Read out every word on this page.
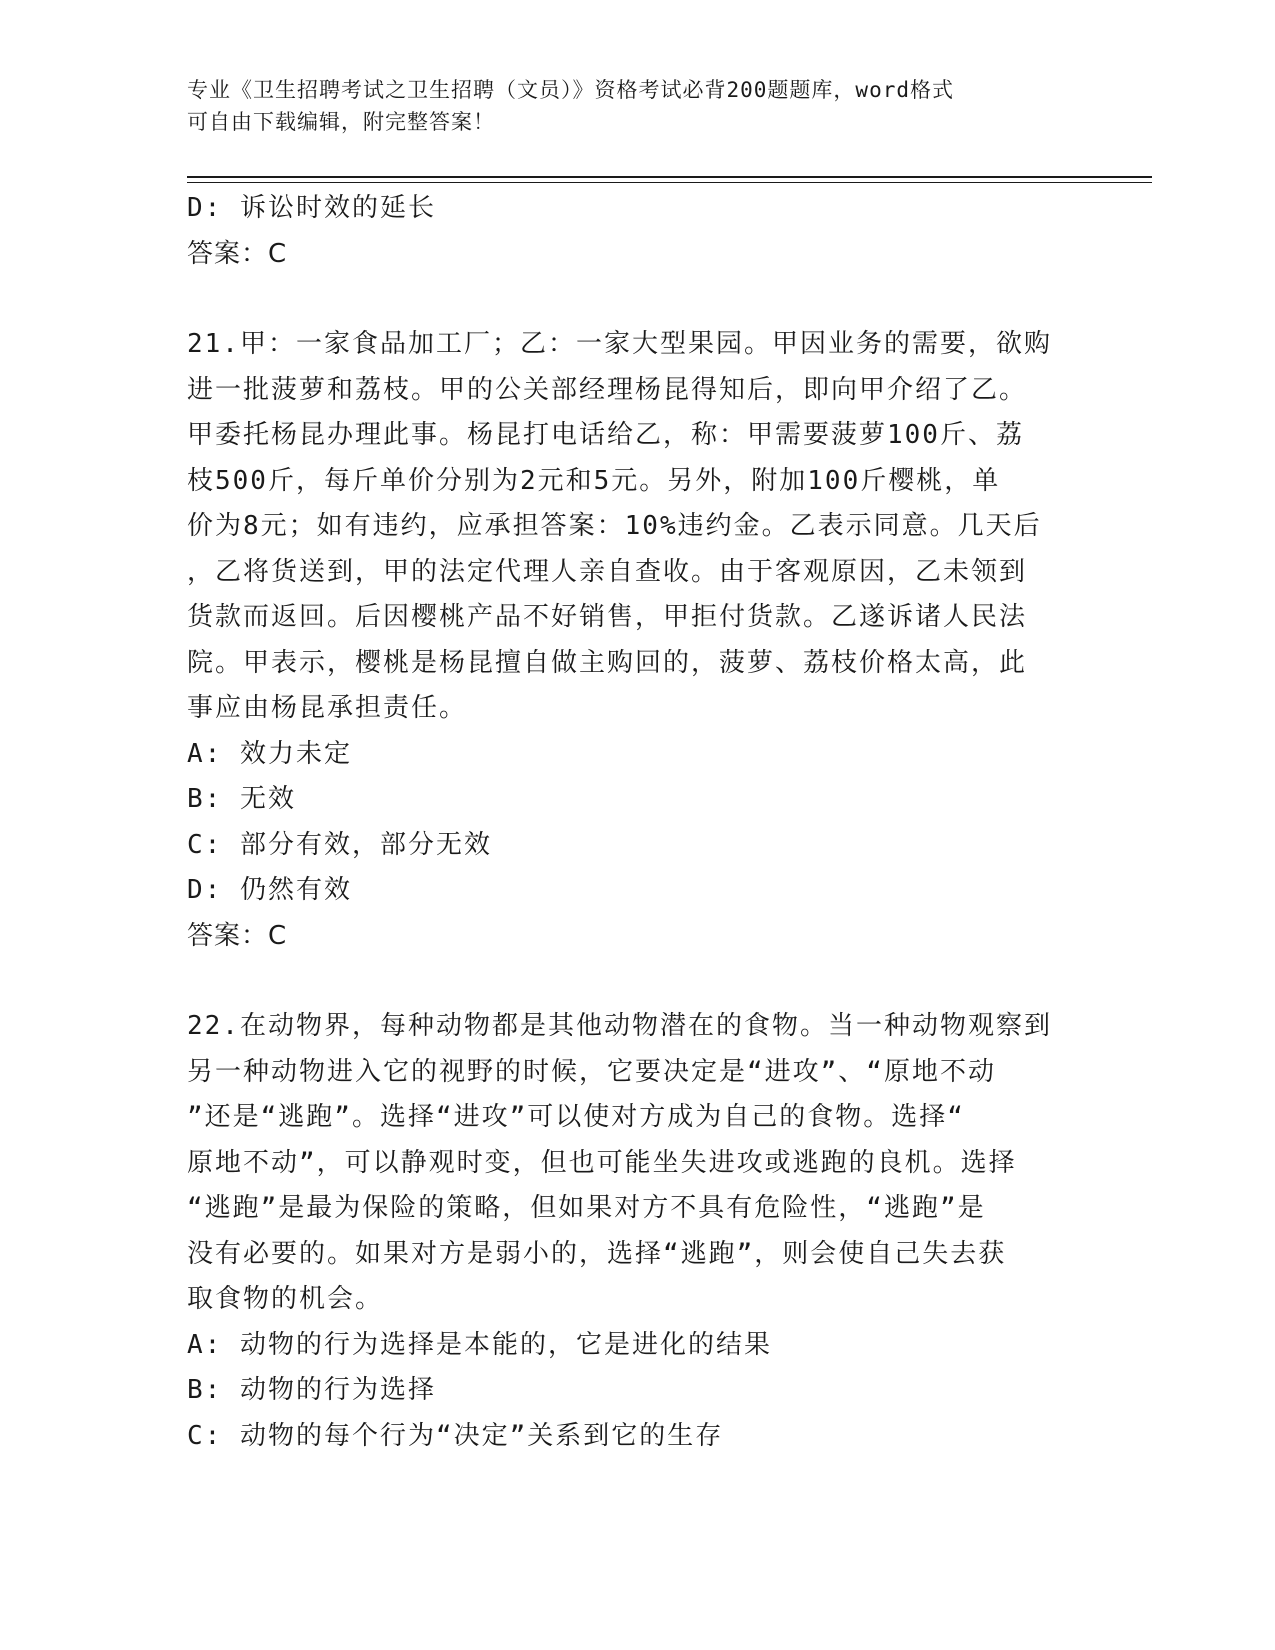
专业《卫生招聘考试之卫生招聘（文员）》资格考试必背200题题库，word格式
可自由下载编辑，附完整答案！

D: 诉讼时效的延长

答案：C

21.甲：一家食品加工厂；乙：一家大型果园。甲因业务的需要，欲购

进一批菠萝和荔枝。甲的公关部经理杨昆得知后，即向甲介绍了乙。

甲委托杨昆办理此事。杨昆打电话给乙，称：甲需要菠萝100斤、荔

枝500斤，每斤单价分别为2元和5元。另外，附加100斤樱桃，单

价为8元；如有违约，应承担答案：10%违约金。乙表示同意。几天后

，乙将货送到，甲的法定代理人亲自查收。由于客观原因，乙未领到

货款而返回。后因樱桃产品不好销售，甲拒付货款。乙遂诉诸人民法

院。甲表示，樱桃是杨昆擅自做主购回的，菠萝、荔枝价格太高，此

事应由杨昆承担责任。

A: 效力未定

B: 无效

C: 部分有效，部分无效

D: 仍然有效

答案：C

22.在动物界，每种动物都是其他动物潜在的食物。当一种动物观察到

另一种动物进入它的视野的时候，它要决定是“进攻”、“原地不动

”还是“逃跑”。选择“进攻”可以使对方成为自己的食物。选择“

原地不动”，可以静观时变，但也可能坐失进攻或逃跑的良机。选择

“逃跑”是最为保险的策略，但如果对方不具有危险性，“逃跑”是

没有必要的。如果对方是弱小的，选择“逃跑”，则会使自己失去获

取食物的机会。

A: 动物的行为选择是本能的，它是进化的结果

B: 动物的行为选择

C: 动物的每个行为“决定”关系到它的生存
